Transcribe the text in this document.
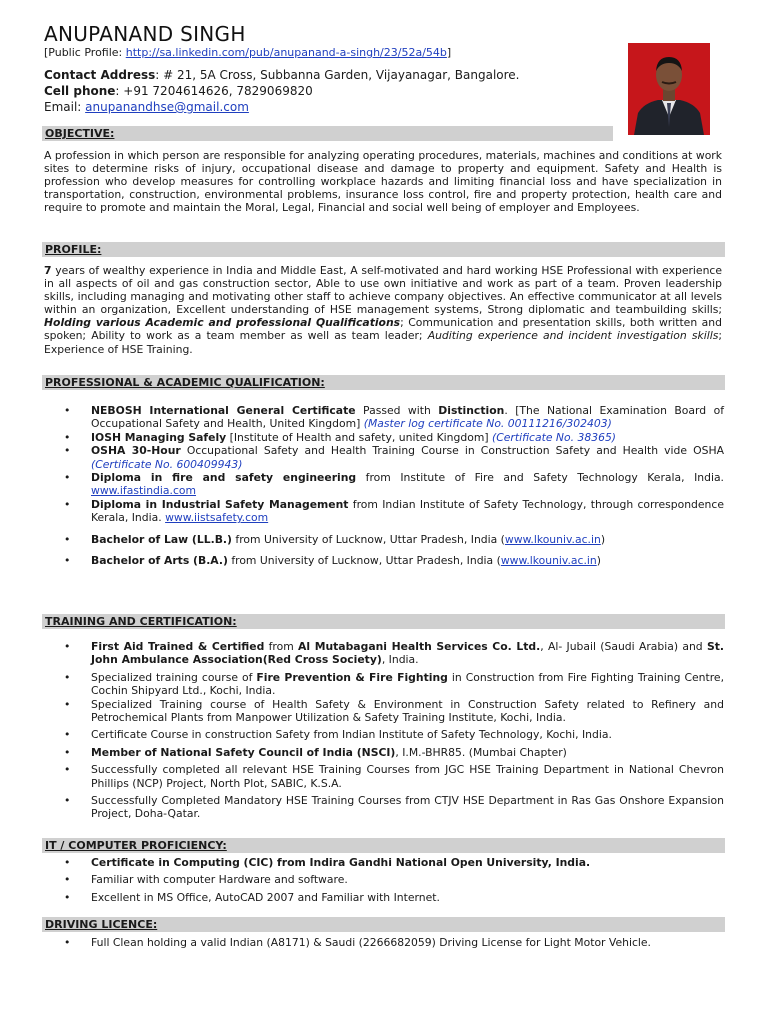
ANUPANAND SINGH
[Public Profile: http://sa.linkedin.com/pub/anupanand-a-singh/23/52a/54b]
Contact Address: # 21, 5A Cross, Subbanna Garden, Vijayanagar, Bangalore.
Cell phone: +91 7204614626, 7829069820
Email: anupanandhse@gmail.com
OBJECTIVE:

A profession in which person are responsible for analyzing operating procedures, materials, machines and conditions at work sites to determine risks of injury, occupational disease and damage to property and equipment. Safety and Health is profession who develop measures for controlling workplace hazards and limiting financial loss and have specialization in transportation, construction, environmental problems, insurance loss control, fire and property protection, health care and require to promote and maintain the Moral, Legal, Financial and social well being of employer and Employees.

PROFILE:

7 years of wealthy experience in India and Middle East, A self-motivated and hard working HSE Professional with experience in all aspects of oil and gas construction sector, Able to use own initiative and work as part of a team. Proven leadership skills, including managing and motivating other staff to achieve company objectives. An effective communicator at all levels within an organization, Excellent understanding of HSE management systems, Strong diplomatic and teambuilding skills; Holding various Academic and professional Qualifications; Communication and presentation skills, both written and spoken; Ability to work as a team member as well as team leader; Auditing experience and incident investigation skills; Experience of HSE Training.

PROFESSIONAL & ACADEMIC QUALIFICATION:
• NEBOSH International General Certificate Passed with Distinction. [The National Examination Board of Occupational Safety and Health, United Kingdom] (Master log certificate No. 00111216/302403)
• IOSH Managing Safely [Institute of Health and safety, united Kingdom] (Certificate No. 38365)
• OSHA 30-Hour Occupational Safety and Health Training Course in Construction Safety and Health vide OSHA (Certificate No. 600409943)
• Diploma in fire and safety engineering from Institute of Fire and Safety Technology Kerala, India. www.ifastindia.com
• Diploma in Industrial Safety Management from Indian Institute of Safety Technology, through correspondence Kerala, India. www.iistsafety.com
• Bachelor of Law (LL.B.) from University of Lucknow, Uttar Pradesh, India (www.lkouniv.ac.in)
• Bachelor of Arts (B.A.) from University of Lucknow, Uttar Pradesh, India (www.lkouniv.ac.in)
TRAINING AND CERTIFICATION:
• First Aid Trained & Certified from Al Mutabagani Health Services Co. Ltd., Al- Jubail (Saudi Arabia) and St. John Ambulance Association(Red Cross Society), India.
• Specialized training course of Fire Prevention & Fire Fighting in Construction from Fire Fighting Training Centre, Cochin Shipyard Ltd., Kochi, India.
• Specialized Training course of Health Safety & Environment in Construction Safety related to Refinery and Petrochemical Plants from Manpower Utilization & Safety Training Institute, Kochi, India.
• Certificate Course in construction Safety from Indian Institute of Safety Technology, Kochi, India.
• Member of National Safety Council of India (NSCI), I.M.-BHR85. (Mumbai Chapter)
• Successfully completed all relevant HSE Training Courses from JGC HSE Training Department in National Chevron Phillips (NCP) Project, North Plot, SABIC, K.S.A.
• Successfully Completed Mandatory HSE Training Courses from CTJV HSE Department in Ras Gas Onshore Expansion Project, Doha-Qatar.
IT / COMPUTER PROFICIENCY:
• Certificate in Computing (CIC) from Indira Gandhi National Open University, India.
• Familiar with computer Hardware and software.
• Excellent in MS Office, AutoCAD 2007 and Familiar with Internet.
DRIVING LICENCE:
• Full Clean holding a valid Indian (A8171) & Saudi (2266682059) Driving License for Light Motor Vehicle.
